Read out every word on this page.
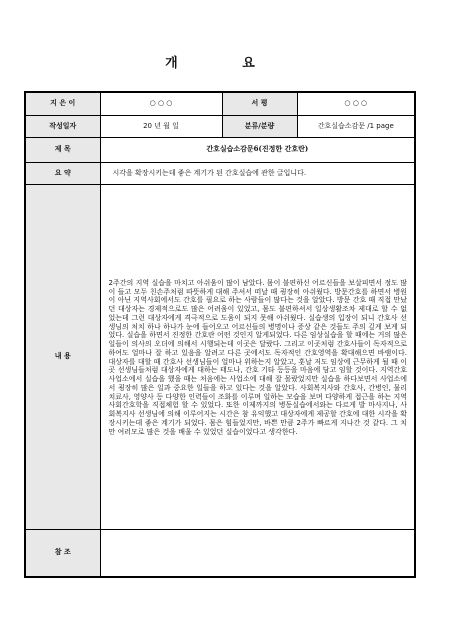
개 요
지 은 이	○ ○ ○	서 평	○ ○ ○
작성일자	20 년 월 일	분류/분량	간호실습소감문 /1 page
제 목	간호실습소감문6(진정한 간호란)		
요 약	시각을 확장시키는데 좋은 계기가 된 간호실습에 관한 글입니다.		
내 용	2주간의 지역 실습을 마치고 아쉬움이 많이 남았다. 몸이 불편하신 어르신들을 보살피면서 정도 많이 들고 모두 친손주처럼 따뜻하게 대해 주셔서 떠날 때 굉장히 아쉬웠다. 방문간호를 하면서 병원이 아닌 지역사회에서도 간호를 필요로 하는 사람들이 많다는 것을 알았다. 방문 간호 때 직접 만났던 대상자는 경제적으로도 많은 어려움이 있었고, 몸도 불편하셔서 일상생활조차 제대로 할 수 없었는데 그런 대상자에게 격극적으로 도움이 되지 못해 아쉬웠다. 실습생의 입장이 되니 간호사 선생님의 처치 하나 하나가 눈에 들어오고 어르신들의 병명이나 증상 같은 것들도 주의 깊게 보게 되었다. 실습을 하면서 진정한 간호란 어떤 것인지 알게되었다. 다른 임상실습을 할 때에는 거의 많은 일들이 의사의 오더에 의해서 시행되는데 이곳은 달랐다. 그리고 이곳처럼 간호사들이 독자적으로 하여도 얼마나 잘 하고 있음을 알려고 다른 곳에서도 독자적인 간호영역을 확대해으면 바램이다. 대상자를 대할 때 간호사 선생님들이 얼마나 위하는지 알았고, 훗날 저도 임상에 근무하게 될 때 이곳 선생님들처럼 대상자에게 대하는 태도나, 간호 기타 등등을 마음에 담고 임할 것이다. 지역간호사업소에서 실습을 했을 때는 처음에는 사업소에 대해 잘 몰랐었지만 실습을 하다보면서 사업소에서 굉장히 많은 일과 중요한 일들을 하고 있다는 것을 알았다. 사회복지사와 간호사, 간병인, 물리치료사, 영양사 등 다양한 인력들이 조화를 이루며 일하는 모습을 보며 다양하게 접근을 하는 지역사회간호학을 직접체험 할 수 있었다. 또한 이제까지의 병동실습에서와는 다르게 발 마사지나, 사회복지사 선생님에 의해 이루어지는 시간은 참 유익했고 대상자에게 제공할 간호에 대한 시각을 확장시키는데 좋은 계기가 되었다. 몸은 힘들었지만, 바쁜 만큼 2주가 빠르게 지나간 것 같다. 그 치만 여러모로 많은 것을 배울 수 있었던 실습이었다고 생각한다.		
참 조			
